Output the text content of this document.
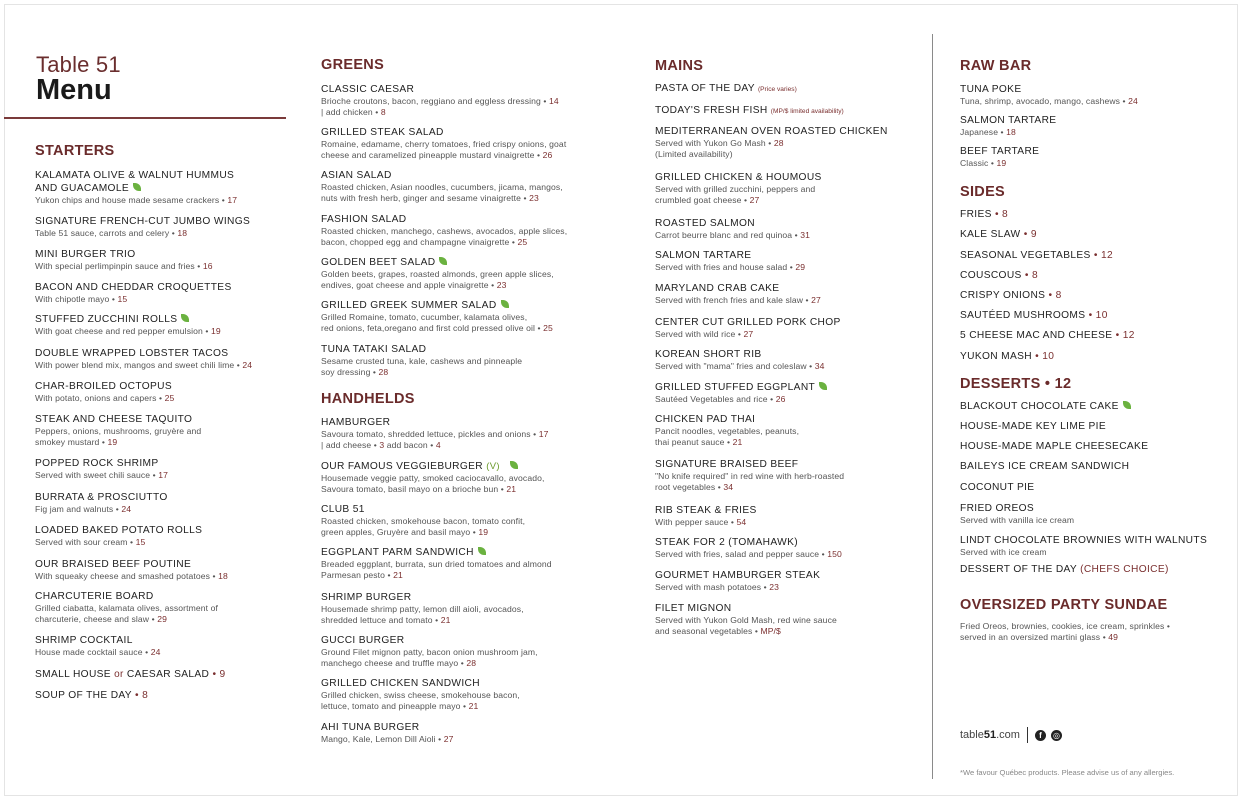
Table 51
Menu
STARTERS
KALAMATA OLIVE & WALNUT HUMMUS
AND GUACAMOLE
Yukon chips and house made sesame crackers • 17
SIGNATURE FRENCH-CUT JUMBO WINGS
Table 51 sauce, carrots and celery • 18
MINI BURGER TRIO
With special perlimpinpin sauce and fries • 16
BACON AND CHEDDAR CROQUETTES
With chipotle mayo • 15
STUFFED ZUCCHINI ROLLS
With goat cheese and red pepper emulsion • 19
DOUBLE WRAPPED LOBSTER TACOS
With power blend mix, mangos and sweet chili lime • 24
CHAR-BROILED OCTOPUS
With potato, onions and capers • 25
STEAK AND CHEESE TAQUITO
Peppers, onions, mushrooms, gruyère and
smokey mustard • 19
POPPED ROCK SHRIMP
Served with sweet chili sauce • 17
BURRATA & PROSCIUTTO
Fig jam and walnuts • 24
LOADED BAKED POTATO ROLLS
Served with sour cream • 15
OUR BRAISED BEEF POUTINE
With squeaky cheese and smashed potatoes • 18
CHARCUTERIE BOARD
Grilled ciabatta, kalamata olives, assortment of
charcuterie, cheese and slaw • 29
SHRIMP COCKTAIL
House made cocktail sauce • 24
SMALL HOUSE or CAESAR SALAD • 9
SOUP OF THE DAY • 8
GREENS
CLASSIC CAESAR
Brioche croutons, bacon, reggiano and eggless dressing • 14
| add chicken • 8
GRILLED STEAK SALAD
Romaine, edamame, cherry tomatoes, fried crispy onions, goat
cheese and caramelized pineapple mustard vinaigrette • 26
ASIAN SALAD
Roasted chicken, Asian noodles, cucumbers, jicama, mangos,
nuts with fresh herb, ginger and sesame vinaigrette • 23
FASHION SALAD
Roasted chicken, manchego, cashews, avocados, apple slices,
bacon, chopped egg and champagne vinaigrette • 25
GOLDEN BEET SALAD
Golden beets, grapes, roasted almonds, green apple slices,
endives, goat cheese and apple vinaigrette • 23
GRILLED GREEK SUMMER SALAD
Grilled Romaine, tomato, cucumber, kalamata olives,
red onions, feta,oregano and first cold pressed olive oil • 25
TUNA TATAKI SALAD
Sesame crusted tuna, kale, cashews and pinneaple
soy dressing • 28
HANDHELDS
HAMBURGER
Savoura tomato, shredded lettuce, pickles and onions • 17
| add cheese • 3 add bacon • 4
OUR FAMOUS VEGGIEBURGER (V)
Housemade veggie patty, smoked caciocavallo, avocado,
Savoura tomato, basil mayo on a brioche bun • 21
CLUB 51
Roasted chicken, smokehouse bacon, tomato confit,
green apples, Gruyère and basil mayo • 19
EGGPLANT PARM SANDWICH
Breaded eggplant, burrata, sun dried tomatoes and almond
Parmesan pesto • 21
SHRIMP BURGER
Housemade shrimp patty, lemon dill aioli, avocados,
shredded lettuce and tomato • 21
GUCCI BURGER
Ground Filet mignon patty, bacon onion mushroom jam,
manchego cheese and truffle mayo • 28
GRILLED CHICKEN SANDWICH
Grilled chicken, swiss cheese, smokehouse bacon,
lettuce, tomato and pineapple mayo • 21
AHI TUNA BURGER
Mango, Kale, Lemon Dill Aioli • 27
MAINS
PASTA OF THE DAY (Price varies)
TODAY'S FRESH FISH (MP/$ limited availability)
MEDITERRANEAN OVEN ROASTED CHICKEN
Served with Yukon Go Mash • 28
(Limited availability)
GRILLED CHICKEN & HOUMOUS
Served with grilled zucchini, peppers and
crumbled goat cheese • 27
ROASTED SALMON
Carrot beurre blanc and red quinoa • 31
SALMON TARTARE
Served with fries and house salad • 29
MARYLAND CRAB CAKE
Served with french fries and kale slaw • 27
CENTER CUT GRILLED PORK CHOP
Served with wild rice • 27
KOREAN SHORT RIB
Served with "mama" fries and coleslaw • 34
GRILLED STUFFED EGGPLANT
Sautéed Vegetables and rice • 26
CHICKEN PAD THAI
Pancit noodles, vegetables, peanuts,
thai peanut sauce • 21
SIGNATURE BRAISED BEEF
"No knife required" in red wine with herb-roasted
root vegetables • 34
RIB STEAK & FRIES
With pepper sauce • 54
STEAK FOR 2 (TOMAHAWK)
Served with fries, salad and pepper sauce • 150
GOURMET HAMBURGER STEAK
Served with mash potatoes • 23
FILET MIGNON
Served with Yukon Gold Mash, red wine sauce
and seasonal vegetables • MP/$
RAW BAR
TUNA POKE
Tuna, shrimp, avocado, mango, cashews • 24
SALMON TARTARE
Japanese • 18
BEEF TARTARE
Classic • 19
SIDES
FRIES • 8
KALE SLAW • 9
SEASONAL VEGETABLES • 12
COUSCOUS • 8
CRISPY ONIONS • 8
SAUTÉED MUSHROOMS • 10
5 CHEESE MAC AND CHEESE • 12
YUKON MASH • 10
DESSERTS • 12
BLACKOUT CHOCOLATE CAKE
HOUSE-MADE KEY LIME PIE
HOUSE-MADE MAPLE CHEESECAKE
BAILEYS ICE CREAM SANDWICH
COCONUT PIE
FRIED OREOS
Served with vanilla ice cream
LINDT CHOCOLATE BROWNIES WITH WALNUTS
Served with ice cream
DESSERT OF THE DAY (CHEFS CHOICE)
OVERSIZED PARTY SUNDAE
Fried Oreos, brownies, cookies, ice cream, sprinkles •
served in an oversized martini glass • 49
table51.com	f	◎
*We favour Québec products. Please advise us of any allergies.
